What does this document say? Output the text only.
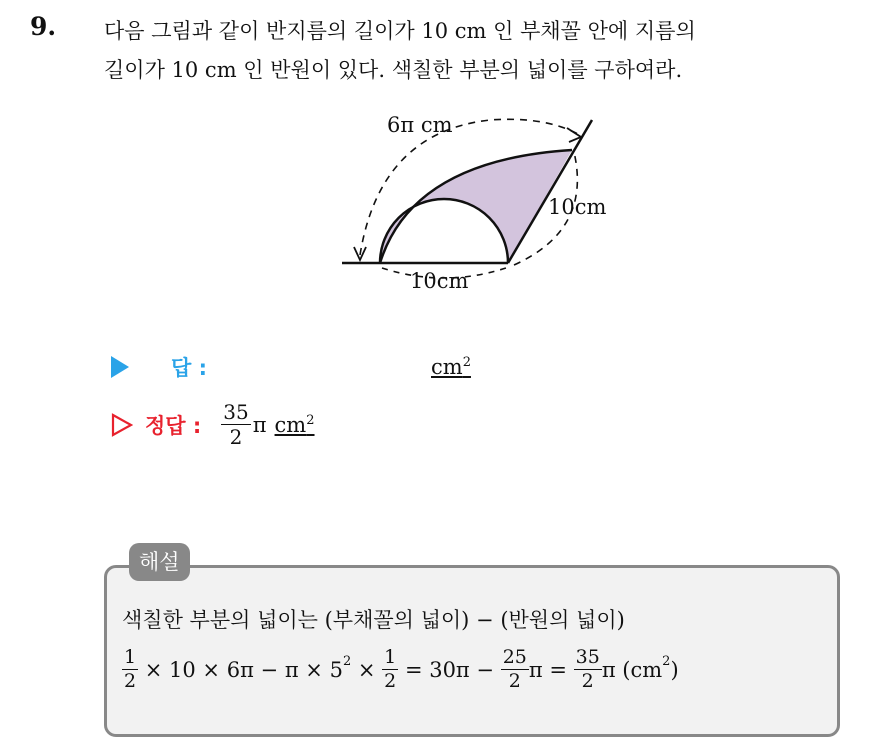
9. 다음 그림과 같이 반지름의 길이가 10 cm 인 부채꼴 안에 지름의
길이가 10 cm 인 반원이 있다. 색칠한 부분의 넓이를 구하여라.
6π cm
10cm
10cm
답 :	$cm^2$
정답 : $\frac{35}{2}$ π $cm^2$
해설
색칠한 부분의 넓이는 (부채꼴의 넓이) − (반원의 넓이)
$\frac{1}{2} \times 10 \times 6\pi - \pi \times 5^2 \times \frac{1}{2} = 30\pi - \frac{25}{2}$ $\pi = \frac{35}{2}$ π ($cm^2$ )
